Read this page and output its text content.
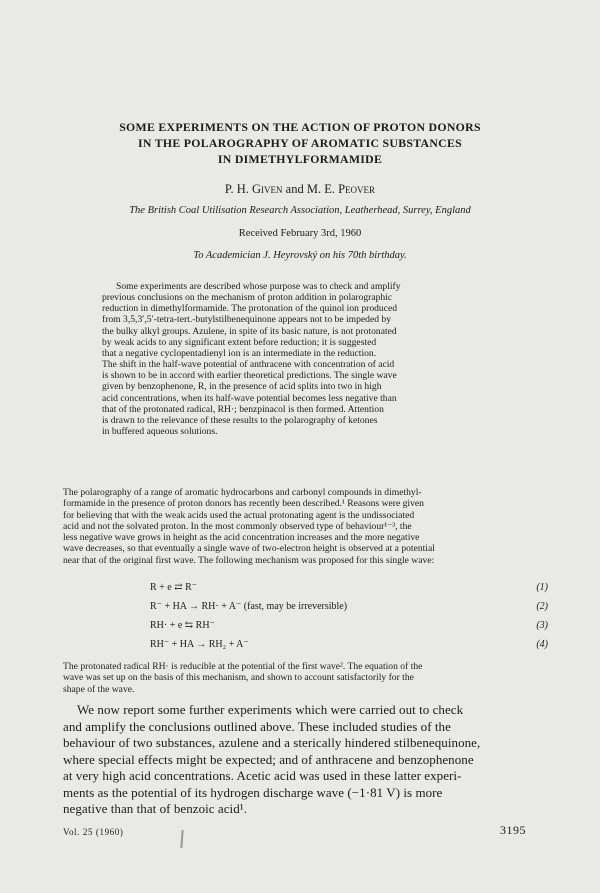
SOME EXPERIMENTS ON THE ACTION OF PROTON DONORS
IN THE POLAROGRAPHY OF AROMATIC SUBSTANCES
IN DIMETHYLFORMAMIDE
P. H. Given and M. E. Peover
The British Coal Utilisation Research Association, Leatherhead, Surrey, England
Received February 3rd, 1960
To Academician J. Heyrovský on his 70th birthday.
Some experiments are described whose purpose was to check and amplify
previous conclusions on the mechanism of proton addition in polarographic
reduction in dimethylformamide. The protonation of the quinol ion produced
from 3,5,3′,5′-tetra-tert.-butylstilbenequinone appears not to be impeded by
the bulky alkyl groups. Azulene, in spite of its basic nature, is not protonated
by weak acids to any significant extent before reduction; it is suggested
that a negative cyclopentadienyl ion is an intermediate in the reduction.
The shift in the half-wave potential of anthracene with concentration of acid
is shown to be in accord with earlier theoretical predictions. The single wave
given by benzophenone, R, in the presence of acid splits into two in high
acid concentrations, when its half-wave potential becomes less negative than
that of the protonated radical, RH·; benzpinacol is then formed. Attention
is drawn to the relevance of these results to the polarography of ketones
in buffered aqueous solutions.
The polarography of a range of aromatic hydrocarbons and carbonyl compounds in dimethyl-
formamide in the presence of proton donors has recently been described.¹ Reasons were given
for believing that with the weak acids used the actual protonating agent is the undissociated
acid and not the solvated proton. In the most commonly observed type of behaviour¹⁻³, the
less negative wave grows in height as the acid concentration increases and the more negative
wave decreases, so that eventually a single wave of two-electron height is observed at a potential
near that of the original first wave. The following mechanism was proposed for this single wave:
R + e ⇄ R⁻	(1)
R⁻ + HA → RH· + A⁻ (fast, may be irreversible)	(2)
RH· + e ⇆ RH⁻	(3)
RH⁻ + HA → RH₂ + A⁻	(4)
The protonated radical RH· is reducible at the potential of the first wave². The equation of the
wave was set up on the basis of this mechanism, and shown to account satisfactorily for the
shape of the wave.
We now report some further experiments which were carried out to check
and amplify the conclusions outlined above. These included studies of the
behaviour of two substances, azulene and a sterically hindered stilbenequinone,
where special effects might be expected; and of anthracene and benzophenone
at very high acid concentrations. Acetic acid was used in these latter experi-
ments as the potential of its hydrogen discharge wave (−1·81 V) is more
negative than that of benzoic acid¹.
Vol. 25 (1960)	3195
